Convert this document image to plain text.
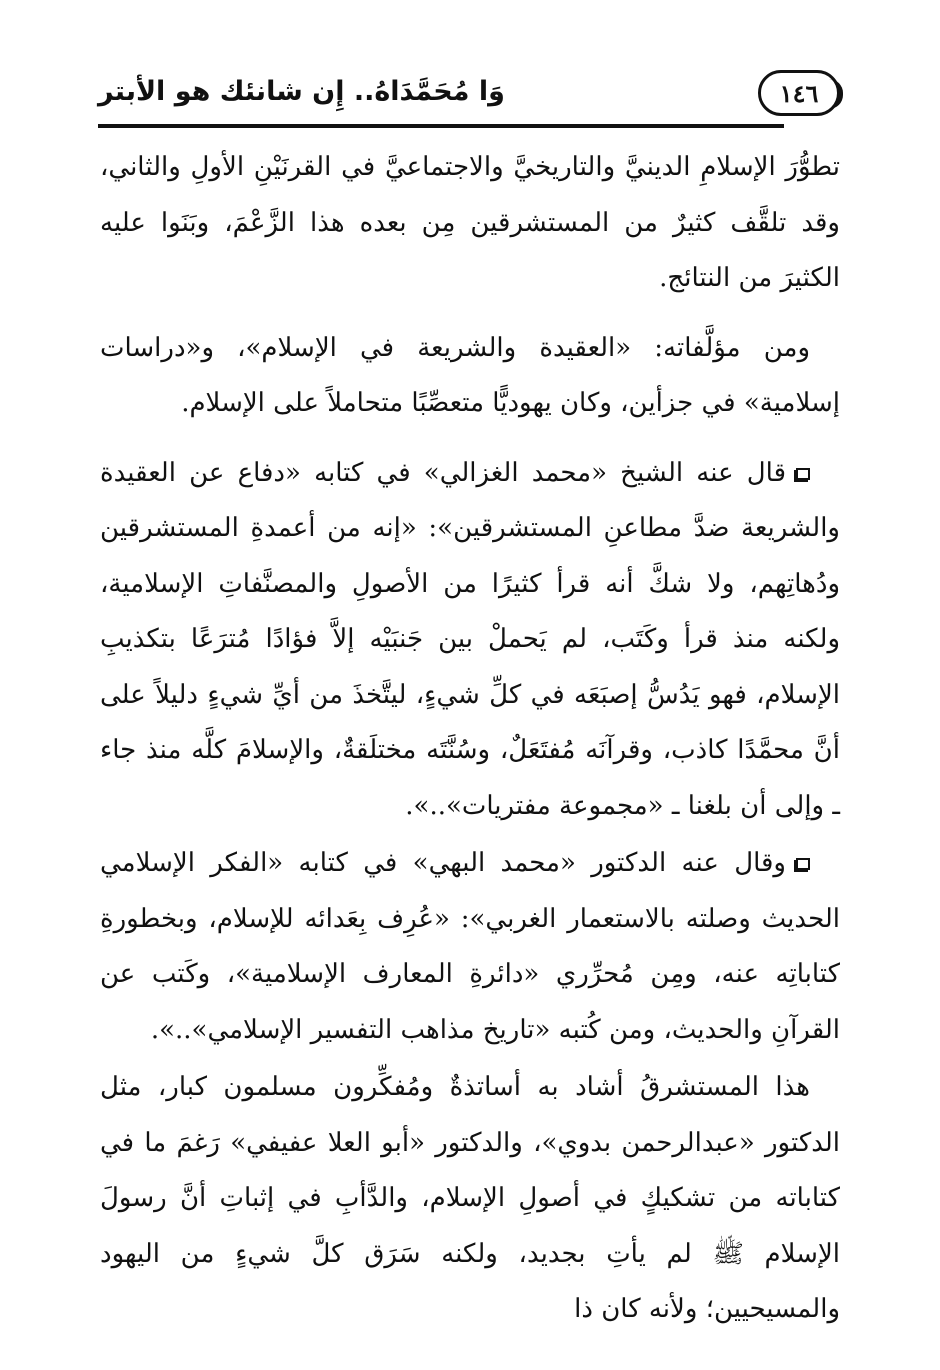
١٤٦
وَا مُحَمَّدَاهُ.. إِن شانئك هو الأبتر

تطوُّرَ الإسلامِ الدينيَّ والتاريخيَّ والاجتماعيَّ في القرنَيْنِ الأولِ والثاني، وقد تلقَّف كثيرٌ من المستشرقين مِن بعده هذا الزَّعْمَ، وبَنَوا عليه الكثيرَ من النتائج.

ومن مؤلَّفاته: «العقيدة والشريعة في الإسلام»، و«دراسات إسلامية» في جزأين، وكان يهوديًّا متعصِّبًا متحاملاً على الإسلام.

قال عنه الشيخ «محمد الغزالي» في كتابه «دفاع عن العقيدة والشريعة ضدَّ مطاعنِ المستشرقين»: «إنه من أعمدةِ المستشرقين ودُهاتِهم، ولا شكَّ أنه قرأ كثيرًا من الأصولِ والمصنَّفاتِ الإسلامية، ولكنه منذ قرأ وكَتَب، لم يَحملْ بين جَنبَيْه إلاَّ فؤادًا مُترَعًا بتكذيبِ الإسلام، فهو يَدُسُّ إصبَعَه في كلِّ شيءٍ، ليتَّخذَ من أيِّ شيءٍ دليلاً على أنَّ محمَّدًا كاذب، وقرآنَه مُفتَعَلٌ، وسُنَّتَه مختلَقةٌ، والإسلامَ كلَّه منذ جاء ـ وإلى أن بلغنا ـ «مجموعة مفتريات»..».

وقال عنه الدكتور «محمد البهي» في كتابه «الفكر الإسلامي الحديث وصلته بالاستعمار الغربي»: «عُرِف بِعَدائه للإسلام، وبخطورةِ كتاباتِه عنه، ومِن مُحرِّري «دائرةِ المعارف الإسلامية»، وكَتب عن القرآنِ والحديث، ومن كُتبه «تاريخ مذاهب التفسير الإسلامي»..».

هذا المستشرقُ أشاد به أساتذةٌ ومُفكِّرون مسلمون كبار، مثل الدكتور «عبدالرحمن بدوي»، والدكتور «أبو العلا عفيفي» رَغمَ ما في كتاباته من تشكيكٍ في أصولِ الإسلام، والدَّأبِ في إثباتِ أنَّ رسولَ الإسلام ﷺ لم يأتِ بجديد، ولكنه سَرَق كلَّ شيءٍ من اليهود والمسيحيين؛ ولأنه كان ذا
